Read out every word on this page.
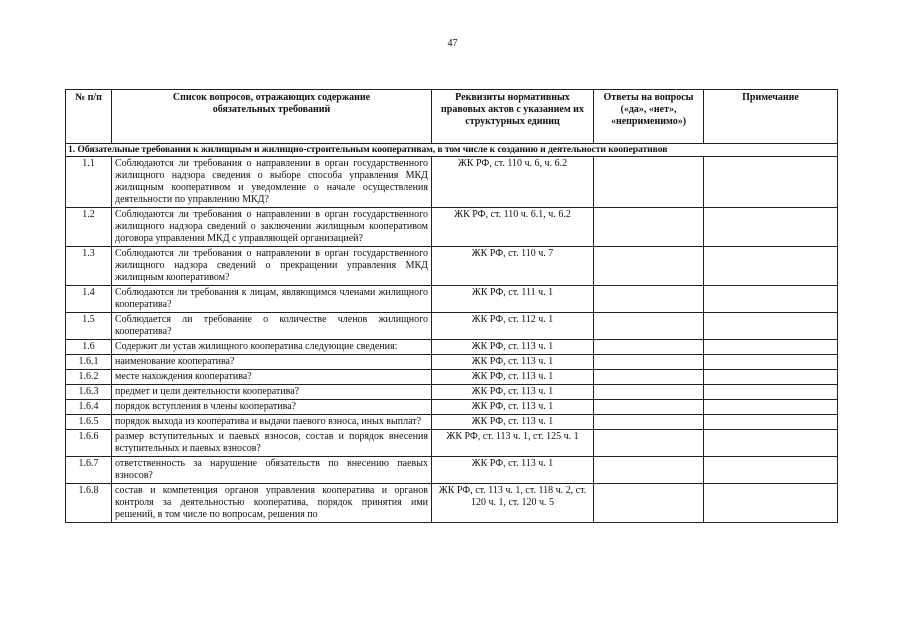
47
№ п/п	Список вопросов, отражающих содержание обязательных требований	Реквизиты нормативных правовых актов с указанием их структурных единиц	Ответы на вопросы («да», «нет», «неприменимо»)	Примечание
1. Обязательные требования к жилищным и жилищно-строительным кооперативам, в том числе к созданию и деятельности кооперативов				
1.1	Соблюдаются ли требования о направлении в орган государственного жилищного надзора сведения о выборе способа управления МКД жилищным кооперативом и уведомление о начале осуществления деятельности по управлению МКД?	ЖК РФ, ст. 110 ч. 6, ч. 6.2		
1.2	Соблюдаются ли требования о направлении в орган государственного жилищного надзора сведений о заключении жилищным кооперативом договора управления МКД с управляющей организацией?	ЖК РФ, ст. 110 ч. 6.1, ч. 6.2		
1.3	Соблюдаются ли требования о направлении в орган государственного жилищного надзора сведений о прекращении управления МКД жилищным кооперативом?	ЖК РФ, ст. 110 ч. 7		
1.4	Соблюдаются ли требования к лицам, являющимся членами жилищного кооператива?	ЖК РФ, ст. 111 ч. 1		
1.5	Соблюдается ли требование о количестве членов жилищного кооператива?	ЖК РФ, ст. 112 ч. 1		
1.6	Содержит ли устав жилищного кооператива следующие сведения:	ЖК РФ, ст. 113 ч. 1		
1.6.1	наименование кооператива?	ЖК РФ, ст. 113 ч. 1		
1.6.2	месте нахождения кооператива?	ЖК РФ, ст. 113 ч. 1		
1.6.3	предмет и цели деятельности кооператива?	ЖК РФ, ст. 113 ч. 1		
1.6.4	порядок вступления в члены кооператива?	ЖК РФ, ст. 113 ч. 1		
1.6.5	порядок выхода из кооператива и выдачи паевого взноса, иных выплат?	ЖК РФ, ст. 113 ч. 1		
1.6.6	размер вступительных и паевых взносов, состав и порядок внесения вступительных и паевых взносов?	ЖК РФ, ст. 113 ч. 1, ст. 125 ч. 1		
1.6.7	ответственность за нарушение обязательств по внесению паевых взносов?	ЖК РФ, ст. 113 ч. 1		
1.6.8	состав и компетенция органов управления кооператива и органов контроля за деятельностью кооператива, порядок принятия ими решений, в том числе по вопросам, решения по	ЖК РФ, ст. 113 ч. 1, ст. 118 ч. 2, ст. 120 ч. 1, ст. 120 ч. 5		
